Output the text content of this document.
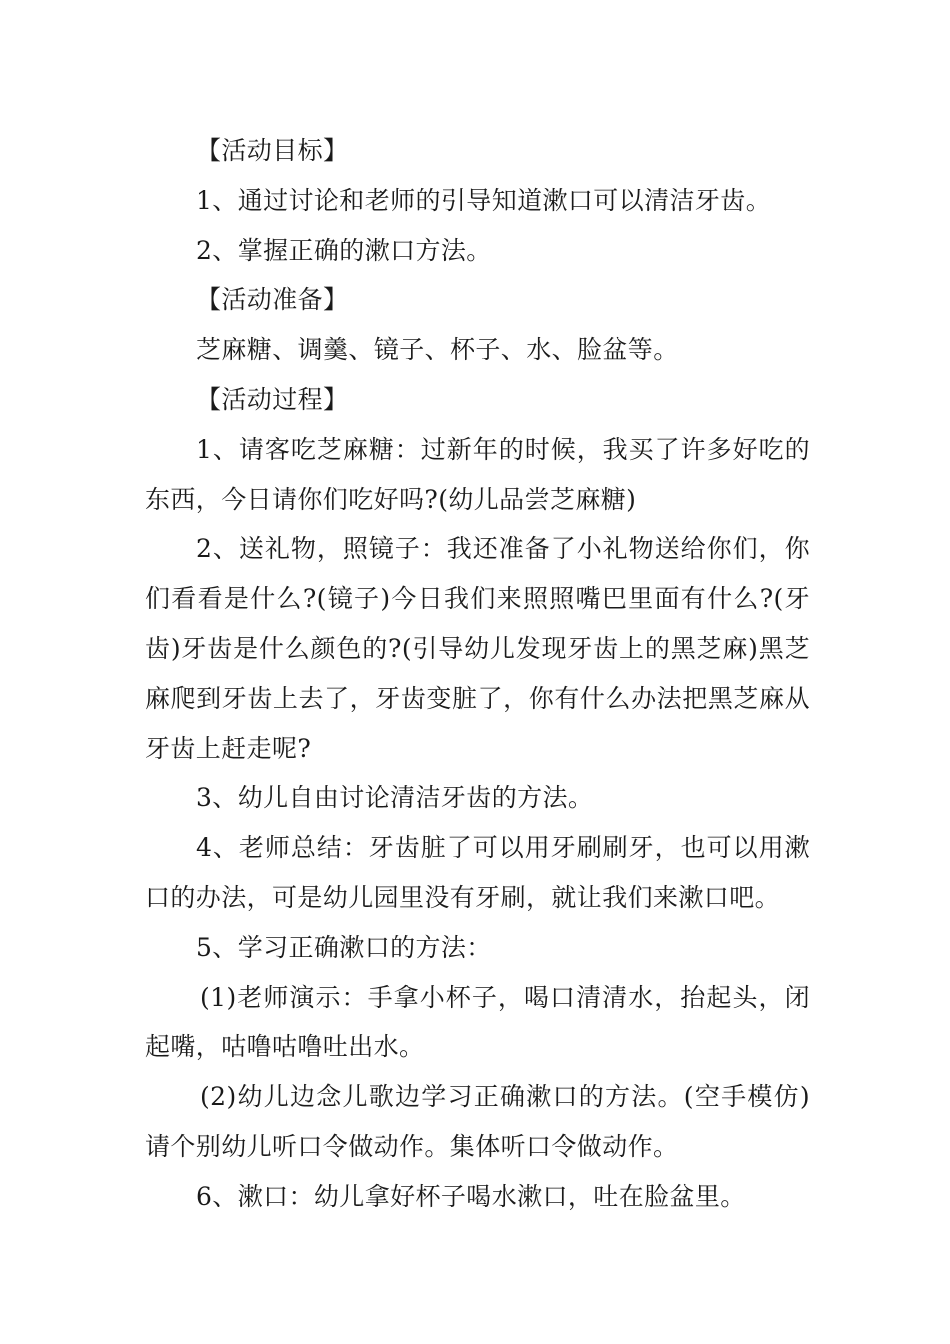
【活动目标】

1、通过讨论和老师的引导知道漱口可以清洁牙齿。

2、掌握正确的漱口方法。

【活动准备】

芝麻糖、调羹、镜子、杯子、水、脸盆等。

【活动过程】

1、请客吃芝麻糖：过新年的时候，我买了许多好吃的东西，今日请你们吃好吗?(幼儿品尝芝麻糖)

2、送礼物，照镜子：我还准备了小礼物送给你们，你们看看是什么?(镜子)今日我们来照照嘴巴里面有什么?(牙齿)牙齿是什么颜色的?(引导幼儿发现牙齿上的黑芝麻)黑芝麻爬到牙齿上去了，牙齿变脏了，你有什么办法把黑芝麻从牙齿上赶走呢?

3、幼儿自由讨论清洁牙齿的方法。

4、老师总结：牙齿脏了可以用牙刷刷牙，也可以用漱口的办法，可是幼儿园里没有牙刷，就让我们来漱口吧。

5、学习正确漱口的方法：

(1)老师演示：手拿小杯子，喝口清清水，抬起头，闭起嘴，咕噜咕噜吐出水。

(2)幼儿边念儿歌边学习正确漱口的方法。(空手模仿)请个别幼儿听口令做动作。集体听口令做动作。

6、漱口：幼儿拿好杯子喝水漱口，吐在脸盆里。
